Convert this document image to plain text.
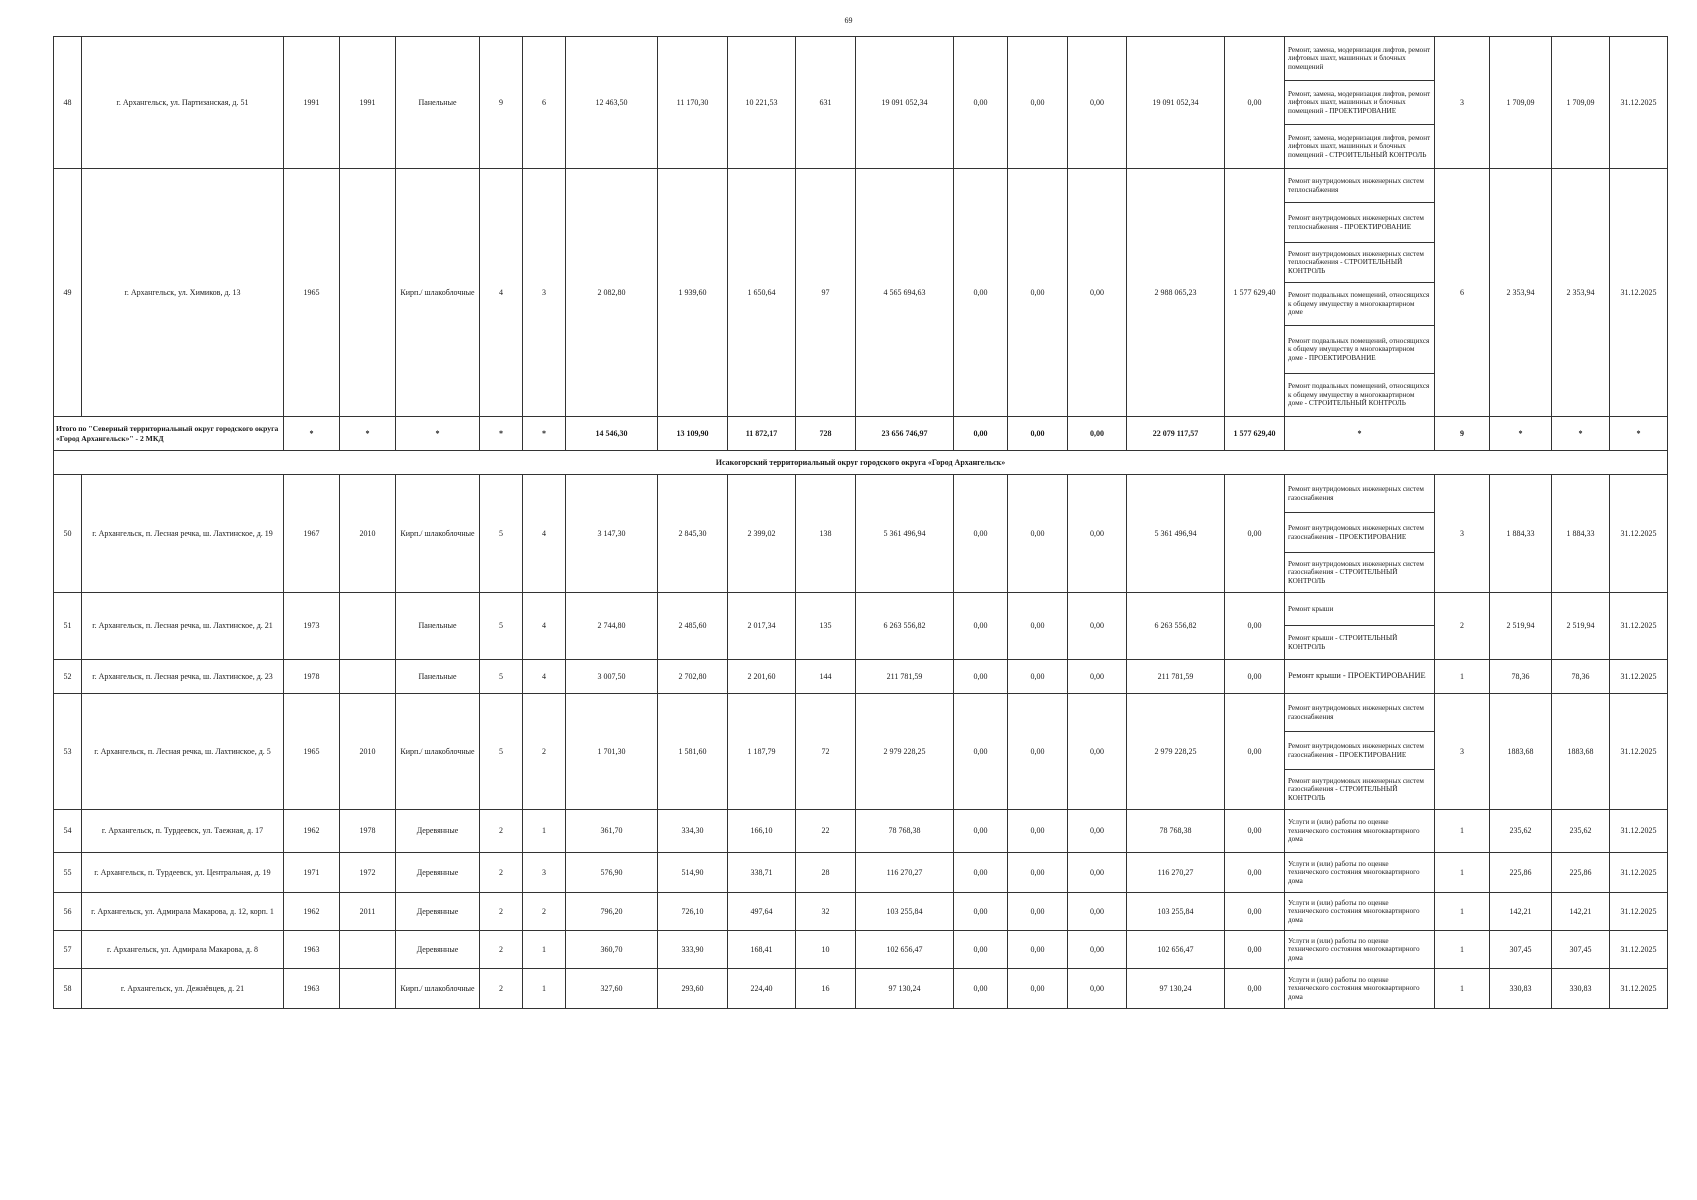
69
48	г. Архангельск, ул. Партизанская, д. 51	1991	1991	Панельные	9	6	12 463,50	11 170,30	10 221,53	631	19 091 052,34	0,00	0,00	0,00	19 091 052,34	0,00	Ремонт, замена, модернизация лифтов, ремонт лифтовых шахт, машинных и блочных помещений	3	1 709,09	1 709,09	31.12.2025
																	Ремонт, замена, модернизация лифтов, ремонт лифтовых шахт, машинных и блочных помещений - ПРОЕКТИРОВАНИЕ				
																	Ремонт, замена, модернизация лифтов, ремонт лифтовых шахт, машинных и блочных помещений - СТРОИТЕЛЬНЫЙ КОНТРОЛЬ				
49	г. Архангельск, ул. Химиков, д. 13	1965		Кирп./ шлакоблочные	4	3	2 082,80	1 939,60	1 650,64	97	4 565 694,63	0,00	0,00	0,00	2 988 065,23	1 577 629,40	Ремонт внутридомовых инженерных систем теплоснабжения	6	2 353,94	2 353,94	31.12.2025
																	Ремонт внутридомовых инженерных систем теплоснабжения - ПРОЕКТИРОВАНИЕ				
																	Ремонт внутридомовых инженерных систем теплоснабжения - СТРОИТЕЛЬНЫЙ КОНТРОЛЬ				
																	Ремонт подвальных помещений, относящихся к общему имуществу в многоквартирном доме				
																	Ремонт подвальных помещений, относящихся к общему имуществу в многоквартирном доме - ПРОЕКТИРОВАНИЕ				
																	Ремонт подвальных помещений, относящихся к общему имуществу в многоквартирном доме - СТРОИТЕЛЬНЫЙ КОНТРОЛЬ				
Итого по "Северный территориальный округ городского округа «Город Архангельск»" - 2 МКД		*	*	*	*	*	14 546,30	13 109,90	11 872,17	728	23 656 746,97	0,00	0,00	0,00	22 079 117,57	1 577 629,40	*	9	*	*	*
Исакогорский территориальный округ городского округа «Город Архангельск»																					
50	г. Архангельск, п. Лесная речка, ш. Лахтинское, д. 19	1967	2010	Кирп./ шлакоблочные	5	4	3 147,30	2 845,30	2 399,02	138	5 361 496,94	0,00	0,00	0,00	5 361 496,94	0,00	Ремонт внутридомовых инженерных систем газоснабжения	3	1 884,33	1 884,33	31.12.2025
																	Ремонт внутридомовых инженерных систем газоснабжения - ПРОЕКТИРОВАНИЕ				
																	Ремонт внутридомовых инженерных систем газоснабжения - СТРОИТЕЛЬНЫЙ КОНТРОЛЬ				
51	г. Архангельск, п. Лесная речка, ш. Лахтинское, д. 21	1973		Панельные	5	4	2 744,80	2 485,60	2 017,34	135	6 263 556,82	0,00	0,00	0,00	6 263 556,82	0,00	Ремонт крыши	2	2 519,94	2 519,94	31.12.2025
																	Ремонт крыши - СТРОИТЕЛЬНЫЙ КОНТРОЛЬ				
52	г. Архангельск, п. Лесная речка, ш. Лахтинское, д. 23	1978		Панельные	5	4	3 007,50	2 702,80	2 201,60	144	211 781,59	0,00	0,00	0,00	211 781,59	0,00	Ремонт крыши - ПРОЕКТИРОВАНИЕ	1	78,36	78,36	31.12.2025
53	г. Архангельск, п. Лесная речка, ш. Лахтинское, д. 5	1965	2010	Кирп./ шлакоблочные	5	2	1 701,30	1 581,60	1 187,79	72	2 979 228,25	0,00	0,00	0,00	2 979 228,25	0,00	Ремонт внутридомовых инженерных систем газоснабжения	3	1883,68	1883,68	31.12.2025
																	Ремонт внутридомовых инженерных систем газоснабжения - ПРОЕКТИРОВАНИЕ				
																	Ремонт внутридомовых инженерных систем газоснабжения - СТРОИТЕЛЬНЫЙ КОНТРОЛЬ				
54	г. Архангельск, п. Турдеевск, ул. Таежная, д. 17	1962	1978	Деревянные	2	1	361,70	334,30	166,10	22	78 768,38	0,00	0,00	0,00	78 768,38	0,00	Услуги и (или) работы по оценке технического состояния многоквартирного дома	1	235,62	235,62	31.12.2025
55	г. Архангельск, п. Турдеевск, ул. Центральная, д. 19	1971	1972	Деревянные	2	3	576,90	514,90	338,71	28	116 270,27	0,00	0,00	0,00	116 270,27	0,00	Услуги и (или) работы по оценке технического состояния многоквартирного дома	1	225,86	225,86	31.12.2025
56	г. Архангельск, ул. Адмирала Макарова, д. 12, корп. 1	1962	2011	Деревянные	2	2	796,20	726,10	497,64	32	103 255,84	0,00	0,00	0,00	103 255,84	0,00	Услуги и (или) работы по оценке технического состояния многоквартирного дома	1	142,21	142,21	31.12.2025
57	г. Архангельск, ул. Адмирала Макарова, д. 8	1963		Деревянные	2	1	360,70	333,90	168,41	10	102 656,47	0,00	0,00	0,00	102 656,47	0,00	Услуги и (или) работы по оценке технического состояния многоквартирного дома	1	307,45	307,45	31.12.2025
58	г. Архангельск, ул. Дежнёвцев, д. 21	1963		Кирп./ шлакоблочные	2	1	327,60	293,60	224,40	16	97 130,24	0,00	0,00	0,00	97 130,24	0,00	Услуги и (или) работы по оценке технического состояния многоквартирного дома	1	330,83	330,83	31.12.2025
